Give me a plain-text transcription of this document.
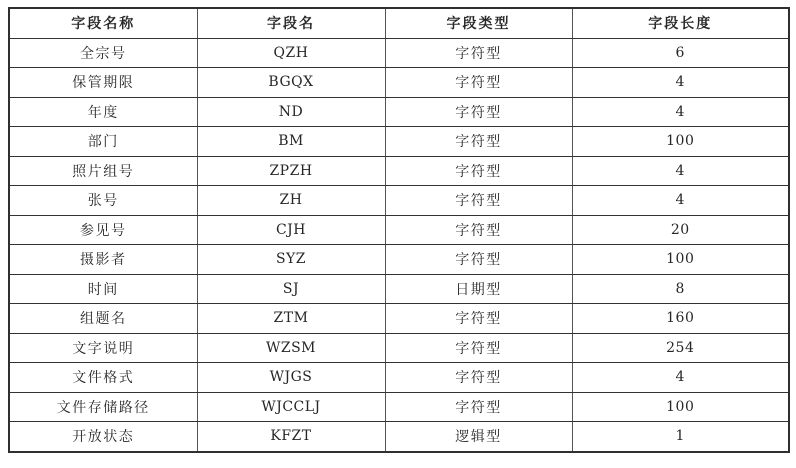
字段名称	字段名	字段类型	字段长度
全宗号	QZH	字符型	6
保管期限	BGQX	字符型	4
年度	ND	字符型	4
部门	BM	字符型	100
照片组号	ZPZH	字符型	4
张号	ZH	字符型	4
参见号	CJH	字符型	20
摄影者	SYZ	字符型	100
时间	SJ	日期型	8
组题名	ZTM	字符型	160
文字说明	WZSM	字符型	254
文件格式	WJGS	字符型	4
文件存储路径	WJCCLJ	字符型	100
开放状态	KFZT	逻辑型	1
